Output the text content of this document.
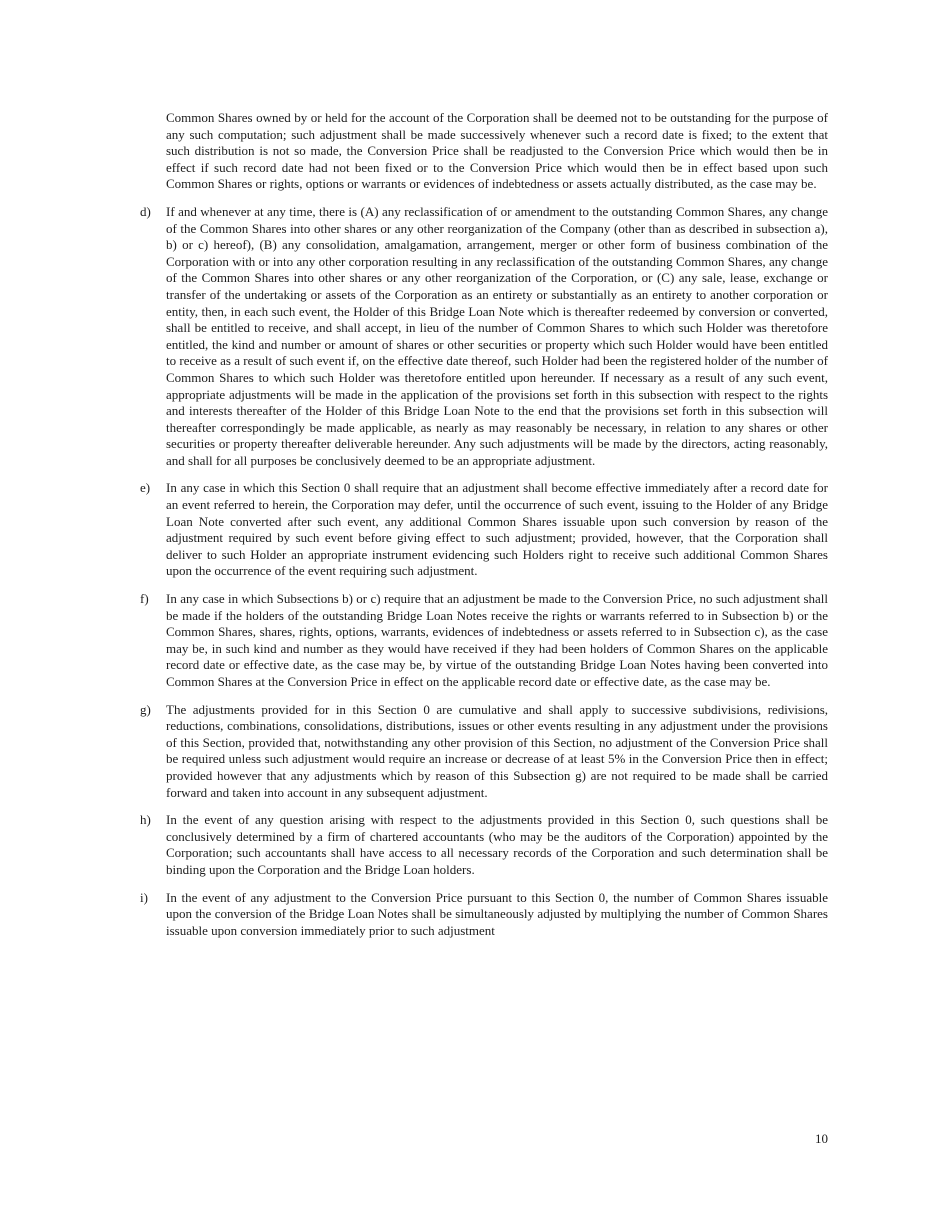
Common Shares owned by or held for the account of the Corporation shall be deemed not to be outstanding for the purpose of any such computation; such adjustment shall be made successively whenever such a record date is fixed; to the extent that such distribution is not so made, the Conversion Price shall be readjusted to the Conversion Price which would then be in effect if such record date had not been fixed or to the Conversion Price which would then be in effect based upon such Common Shares or rights, options or warrants or evidences of indebtedness or assets actually distributed, as the case may be.

d)	If and whenever at any time, there is (A) any reclassification of or amendment to the outstanding Common Shares, any change of the Common Shares into other shares or any other reorganization of the Company (other than as described in subsection a), b) or c) hereof), (B) any consolidation, amalgamation, arrangement, merger or other form of business combination of the Corporation with or into any other corporation resulting in any reclassification of the outstanding Common Shares, any change of the Common Shares into other shares or any other reorganization of the Corporation, or (C) any sale, lease, exchange or transfer of the undertaking or assets of the Corporation as an entirety or substantially as an entirety to another corporation or entity, then, in each such event, the Holder of this Bridge Loan Note which is thereafter redeemed by conversion or converted, shall be entitled to receive, and shall accept, in lieu of the number of Common Shares to which such Holder was theretofore entitled, the kind and number or amount of shares or other securities or property which such Holder would have been entitled to receive as a result of such event if, on the effective date thereof, such Holder had been the registered holder of the number of Common Shares to which such Holder was theretofore entitled upon hereunder. If necessary as a result of any such event, appropriate adjustments will be made in the application of the provisions set forth in this subsection with respect to the rights and interests thereafter of the Holder of this Bridge Loan Note to the end that the provisions set forth in this subsection will thereafter correspondingly be made applicable, as nearly as may reasonably be necessary, in relation to any shares or other securities or property thereafter deliverable hereunder. Any such adjustments will be made by the directors, acting reasonably, and shall for all purposes be conclusively deemed to be an appropriate adjustment.
e)	In any case in which this Section 0 shall require that an adjustment shall become effective immediately after a record date for an event referred to herein, the Corporation may defer, until the occurrence of such event, issuing to the Holder of any Bridge Loan Note converted after such event, any additional Common Shares issuable upon such conversion by reason of the adjustment required by such event before giving effect to such adjustment; provided, however, that the Corporation shall deliver to such Holder an appropriate instrument evidencing such Holders right to receive such additional Common Shares upon the occurrence of the event requiring such adjustment.
f)	In any case in which Subsections b) or c) require that an adjustment be made to the Conversion Price, no such adjustment shall be made if the holders of the outstanding Bridge Loan Notes receive the rights or warrants referred to in Subsection b) or the Common Shares, shares, rights, options, warrants, evidences of indebtedness or assets referred to in Subsection c), as the case may be, in such kind and number as they would have received if they had been holders of Common Shares on the applicable record date or effective date, as the case may be, by virtue of the outstanding Bridge Loan Notes having been converted into Common Shares at the Conversion Price in effect on the applicable record date or effective date, as the case may be.
g)	The adjustments provided for in this Section 0 are cumulative and shall apply to successive subdivisions, redivisions, reductions, combinations, consolidations, distributions, issues or other events resulting in any adjustment under the provisions of this Section, provided that, notwithstanding any other provision of this Section, no adjustment of the Conversion Price shall be required unless such adjustment would require an increase or decrease of at least 5% in the Conversion Price then in effect; provided however that any adjustments which by reason of this Subsection g) are not required to be made shall be carried forward and taken into account in any subsequent adjustment.
h)	In the event of any question arising with respect to the adjustments provided in this Section 0, such questions shall be conclusively determined by a firm of chartered accountants (who may be the auditors of the Corporation) appointed by the Corporation; such accountants shall have access to all necessary records of the Corporation and such determination shall be binding upon the Corporation and the Bridge Loan holders.
i)	In the event of any adjustment to the Conversion Price pursuant to this Section 0, the number of Common Shares issuable upon the conversion of the Bridge Loan Notes shall be simultaneously adjusted by multiplying the number of Common Shares issuable upon conversion immediately prior to such adjustment
10
